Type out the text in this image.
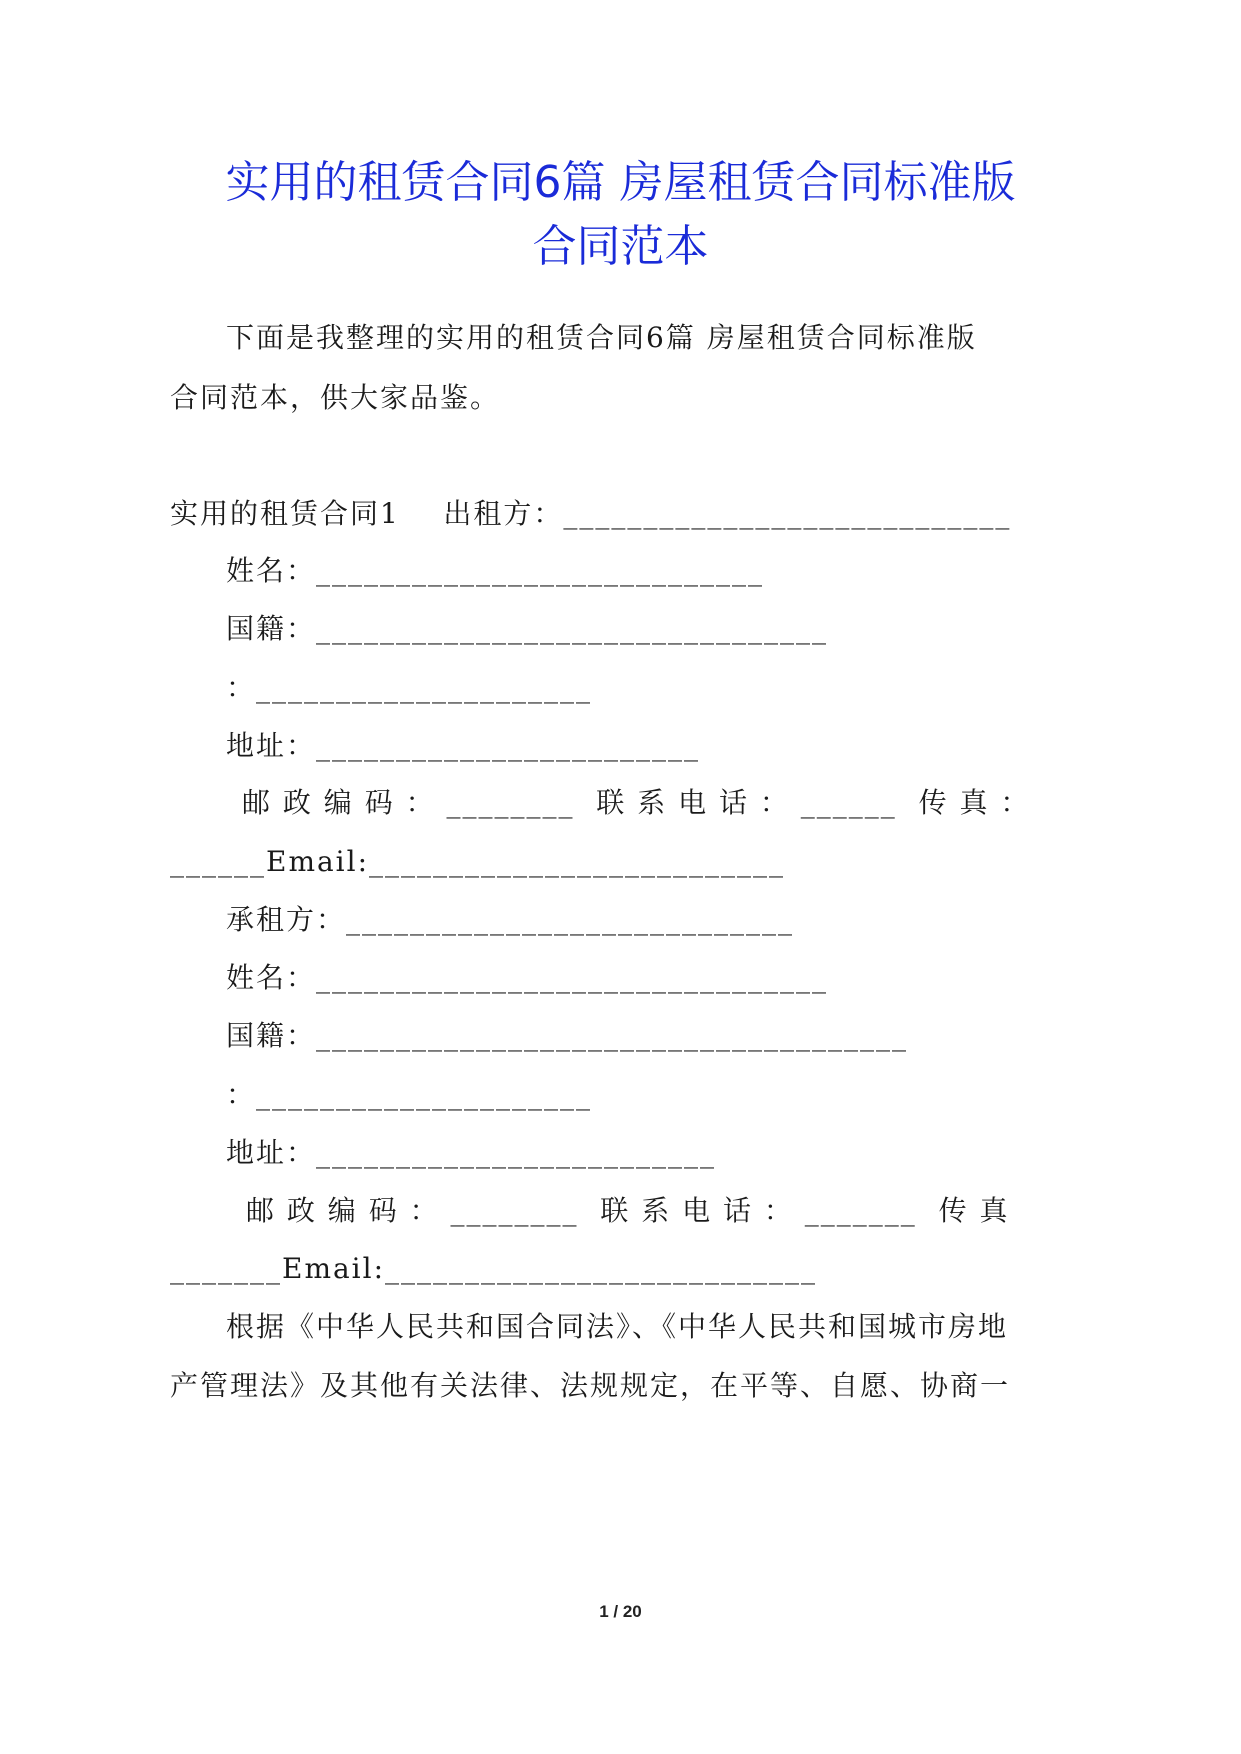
实用的租赁合同6篇 房屋租赁合同标准版
合同范本
下面是我整理的实用的租赁合同6篇 房屋租赁合同标准版
合同范本，供大家品鉴。
实用的租赁合同1    出租方：____________________________
姓名：____________________________
国籍：________________________________
：_____________________
地址：________________________
邮 政 编 码 ： ________  联 系 电 话 ： ______  传 真 ：
______Email:__________________________
承租方：____________________________
姓名：________________________________
国籍：_____________________________________
：_____________________
地址：_________________________
邮 政 编 码 ： ________  联 系 电 话 ： _______  传 真
_______Email:___________________________
根据《中华人民共和国合同法》、《中华人民共和国城市房地
产管理法》及其他有关法律、法规规定，在平等、自愿、协商一
1 / 20
